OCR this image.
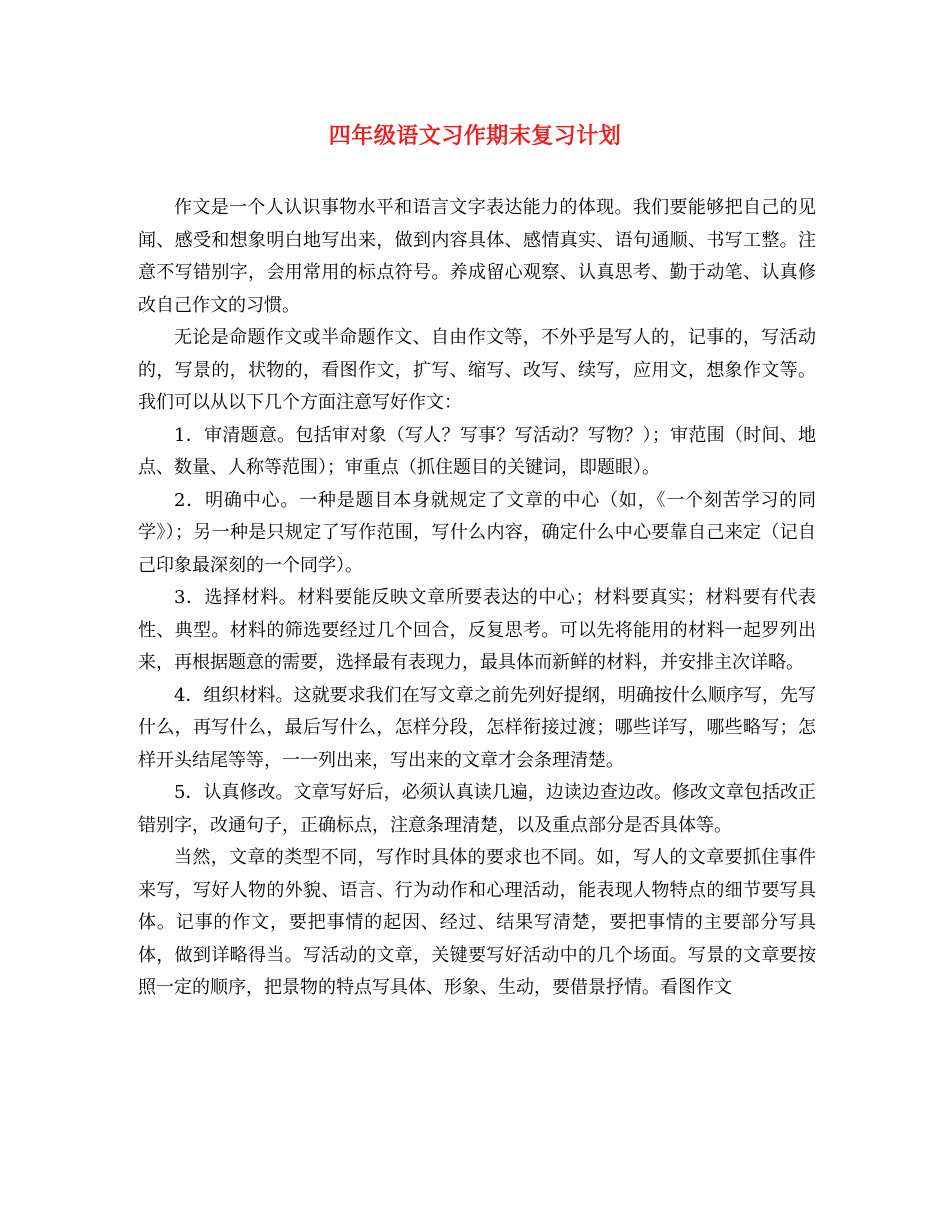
四年级语文习作期末复习计划

作文是一个人认识事物水平和语言文字表达能力的体现。我们要能够把自己的见闻、感受和想象明白地写出来，做到内容具体、感情真实、语句通顺、书写工整。注意不写错别字，会用常用的标点符号。养成留心观察、认真思考、勤于动笔、认真修改自己作文的习惯。

无论是命题作文或半命题作文、自由作文等，不外乎是写人的，记事的，写活动的，写景的，状物的，看图作文，扩写、缩写、改写、续写，应用文，想象作文等。我们可以从以下几个方面注意写好作文：

1．审清题意。包括审对象（写人？写事？写活动？写物？）；审范围（时间、地点、数量、人称等范围）；审重点（抓住题目的关键词，即题眼）。

2．明确中心。一种是题目本身就规定了文章的中心（如，《一个刻苦学习的同学》）；另一种是只规定了写作范围，写什么内容，确定什么中心要靠自己来定（记自己印象最深刻的一个同学）。

3．选择材料。材料要能反映文章所要表达的中心；材料要真实；材料要有代表性、典型。材料的筛选要经过几个回合，反复思考。可以先将能用的材料一起罗列出来，再根据题意的需要，选择最有表现力，最具体而新鲜的材料，并安排主次详略。

4．组织材料。这就要求我们在写文章之前先列好提纲，明确按什么顺序写，先写什么，再写什么，最后写什么，怎样分段，怎样衔接过渡；哪些详写，哪些略写；怎样开头结尾等等，一一列出来，写出来的文章才会条理清楚。

5．认真修改。文章写好后，必须认真读几遍，边读边查边改。修改文章包括改正错别字，改通句子，正确标点，注意条理清楚，以及重点部分是否具体等。

当然，文章的类型不同，写作时具体的要求也不同。如，写人的文章要抓住事件来写，写好人物的外貌、语言、行为动作和心理活动，能表现人物特点的细节要写具体。记事的作文，要把事情的起因、经过、结果写清楚，要把事情的主要部分写具体，做到详略得当。写活动的文章，关键要写好活动中的几个场面。写景的文章要按照一定的顺序，把景物的特点写具体、形象、生动，要借景抒情。看图作文
